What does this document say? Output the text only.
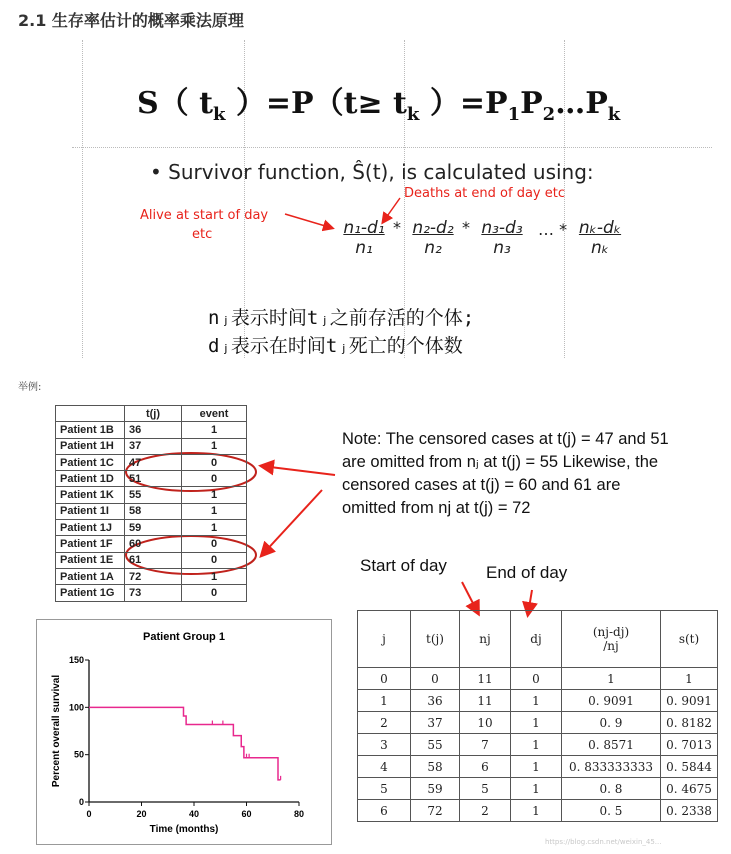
2.1 生存率估计的概率乘法原理
S（ $t_k$ ）$=P(t\ge t_k$ ）$=P_1P_2\dots P_k$
• Survivor function, Ŝ(t), is calculated using:
Deaths at end of day etc
Alive at start of day
etc	$\frac{\text{n₁-d₁}}{\text{n₁}} * \frac{\text{n₂-d₂}}{\text{n₂}} * \frac{\text{n₃-d₃}}{\text{n₃}}$ … * $\frac{\text{nₖ-dₖ}}{\text{nₖ}}$
nⱼ表示时间tⱼ之前存活的个体;
dⱼ表示在时间tⱼ死亡的个体数
举例:
	t(j)	event
Patient 1B	36	1
Patient 1H	37	1
Patient 1C	47	0
Patient 1D	51	0
Patient 1K	55	1
Patient 1I	58	1
Patient 1J	59	1
Patient 1F	60	0
Patient 1E	61	0
Patient 1A	72	1
Patient 1G	73	0
Note: The censored cases at t(j) = 47 and 51 are omitted from nⱼ at t(j) = 55 Likewise, the censored cases at t(j) = 60 and 61 are omitted from nj at t(j) = 72
Start of day End of day
j	t(j)	nj	dj	(nj-dj)
/nj	s(t)
0	0	11	0	1	1
1	36	11	1	0. 9091	0. 9091
2	37	10	1	0. 9	0. 8182
3	55	7	1	0. 8571	0. 7013
4	58	6	1	0. 833333333	0. 5844
5	59	5	1	0. 8	0. 4675
6	72	2	1	0. 5	0. 2338
Patient Group 1
0
50
100
150
0	20	40	60	80
Time (months)
Percent overall survival
https://blog.csdn.net/weixin_45...
